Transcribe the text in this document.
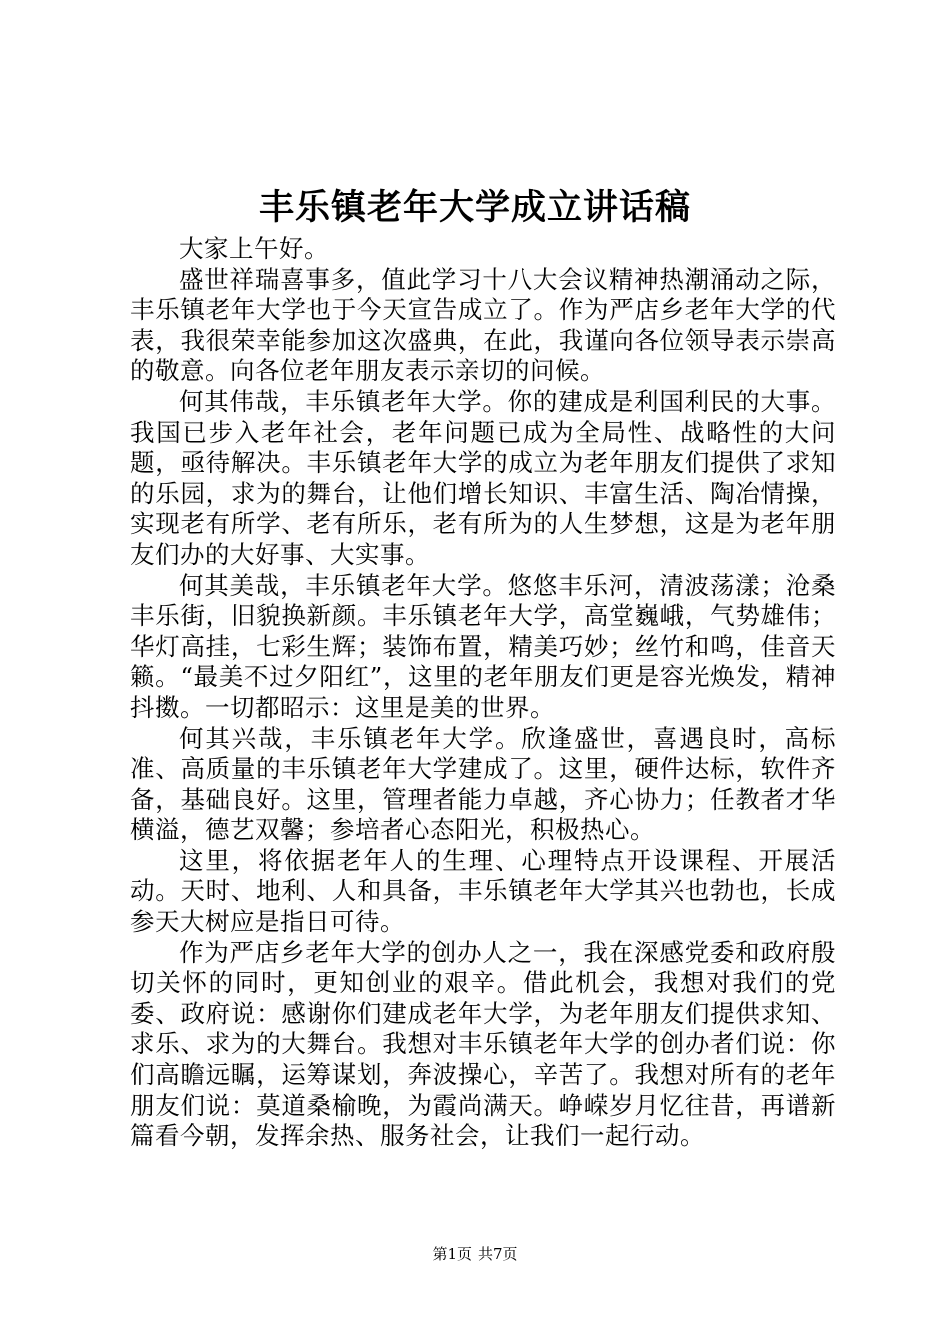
丰乐镇老年大学成立讲话稿

大家上午好。

盛世祥瑞喜事多，值此学习十八大会议精神热潮涌动之际，丰乐镇老年大学也于今天宣告成立了。作为严店乡老年大学的代表，我很荣幸能参加这次盛典，在此，我谨向各位领导表示崇高的敬意。向各位老年朋友表示亲切的问候。

何其伟哉，丰乐镇老年大学。你的建成是利国利民的大事。我国已步入老年社会，老年问题已成为全局性、战略性的大问题，亟待解决。丰乐镇老年大学的成立为老年朋友们提供了求知的乐园，求为的舞台，让他们增长知识、丰富生活、陶冶情操，实现老有所学、老有所乐，老有所为的人生梦想，这是为老年朋友们办的大好事、大实事。

何其美哉，丰乐镇老年大学。悠悠丰乐河，清波荡漾；沧桑丰乐街，旧貌换新颜。丰乐镇老年大学，高堂巍峨，气势雄伟；华灯高挂，七彩生辉；装饰布置，精美巧妙；丝竹和鸣，佳音天籁。“最美不过夕阳红”，这里的老年朋友们更是容光焕发，精神抖擞。一切都昭示：这里是美的世界。

何其兴哉，丰乐镇老年大学。欣逢盛世，喜遇良时，高标准、高质量的丰乐镇老年大学建成了。这里，硬件达标，软件齐备，基础良好。这里，管理者能力卓越，齐心协力；任教者才华横溢，德艺双馨；参培者心态阳光，积极热心。

这里，将依据老年人的生理、心理特点开设课程、开展活动。天时、地利、人和具备，丰乐镇老年大学其兴也勃也，长成参天大树应是指日可待。

作为严店乡老年大学的创办人之一，我在深感党委和政府殷切关怀的同时，更知创业的艰辛。借此机会，我想对我们的党委、政府说：感谢你们建成老年大学，为老年朋友们提供求知、求乐、求为的大舞台。我想对丰乐镇老年大学的创办者们说：你们高瞻远瞩，运筹谋划，奔波操心，辛苦了。我想对所有的老年朋友们说：莫道桑榆晚，为霞尚满天。峥嵘岁月忆往昔，再谱新篇看今朝，发挥余热、服务社会，让我们一起行动。

第1页 共7页
